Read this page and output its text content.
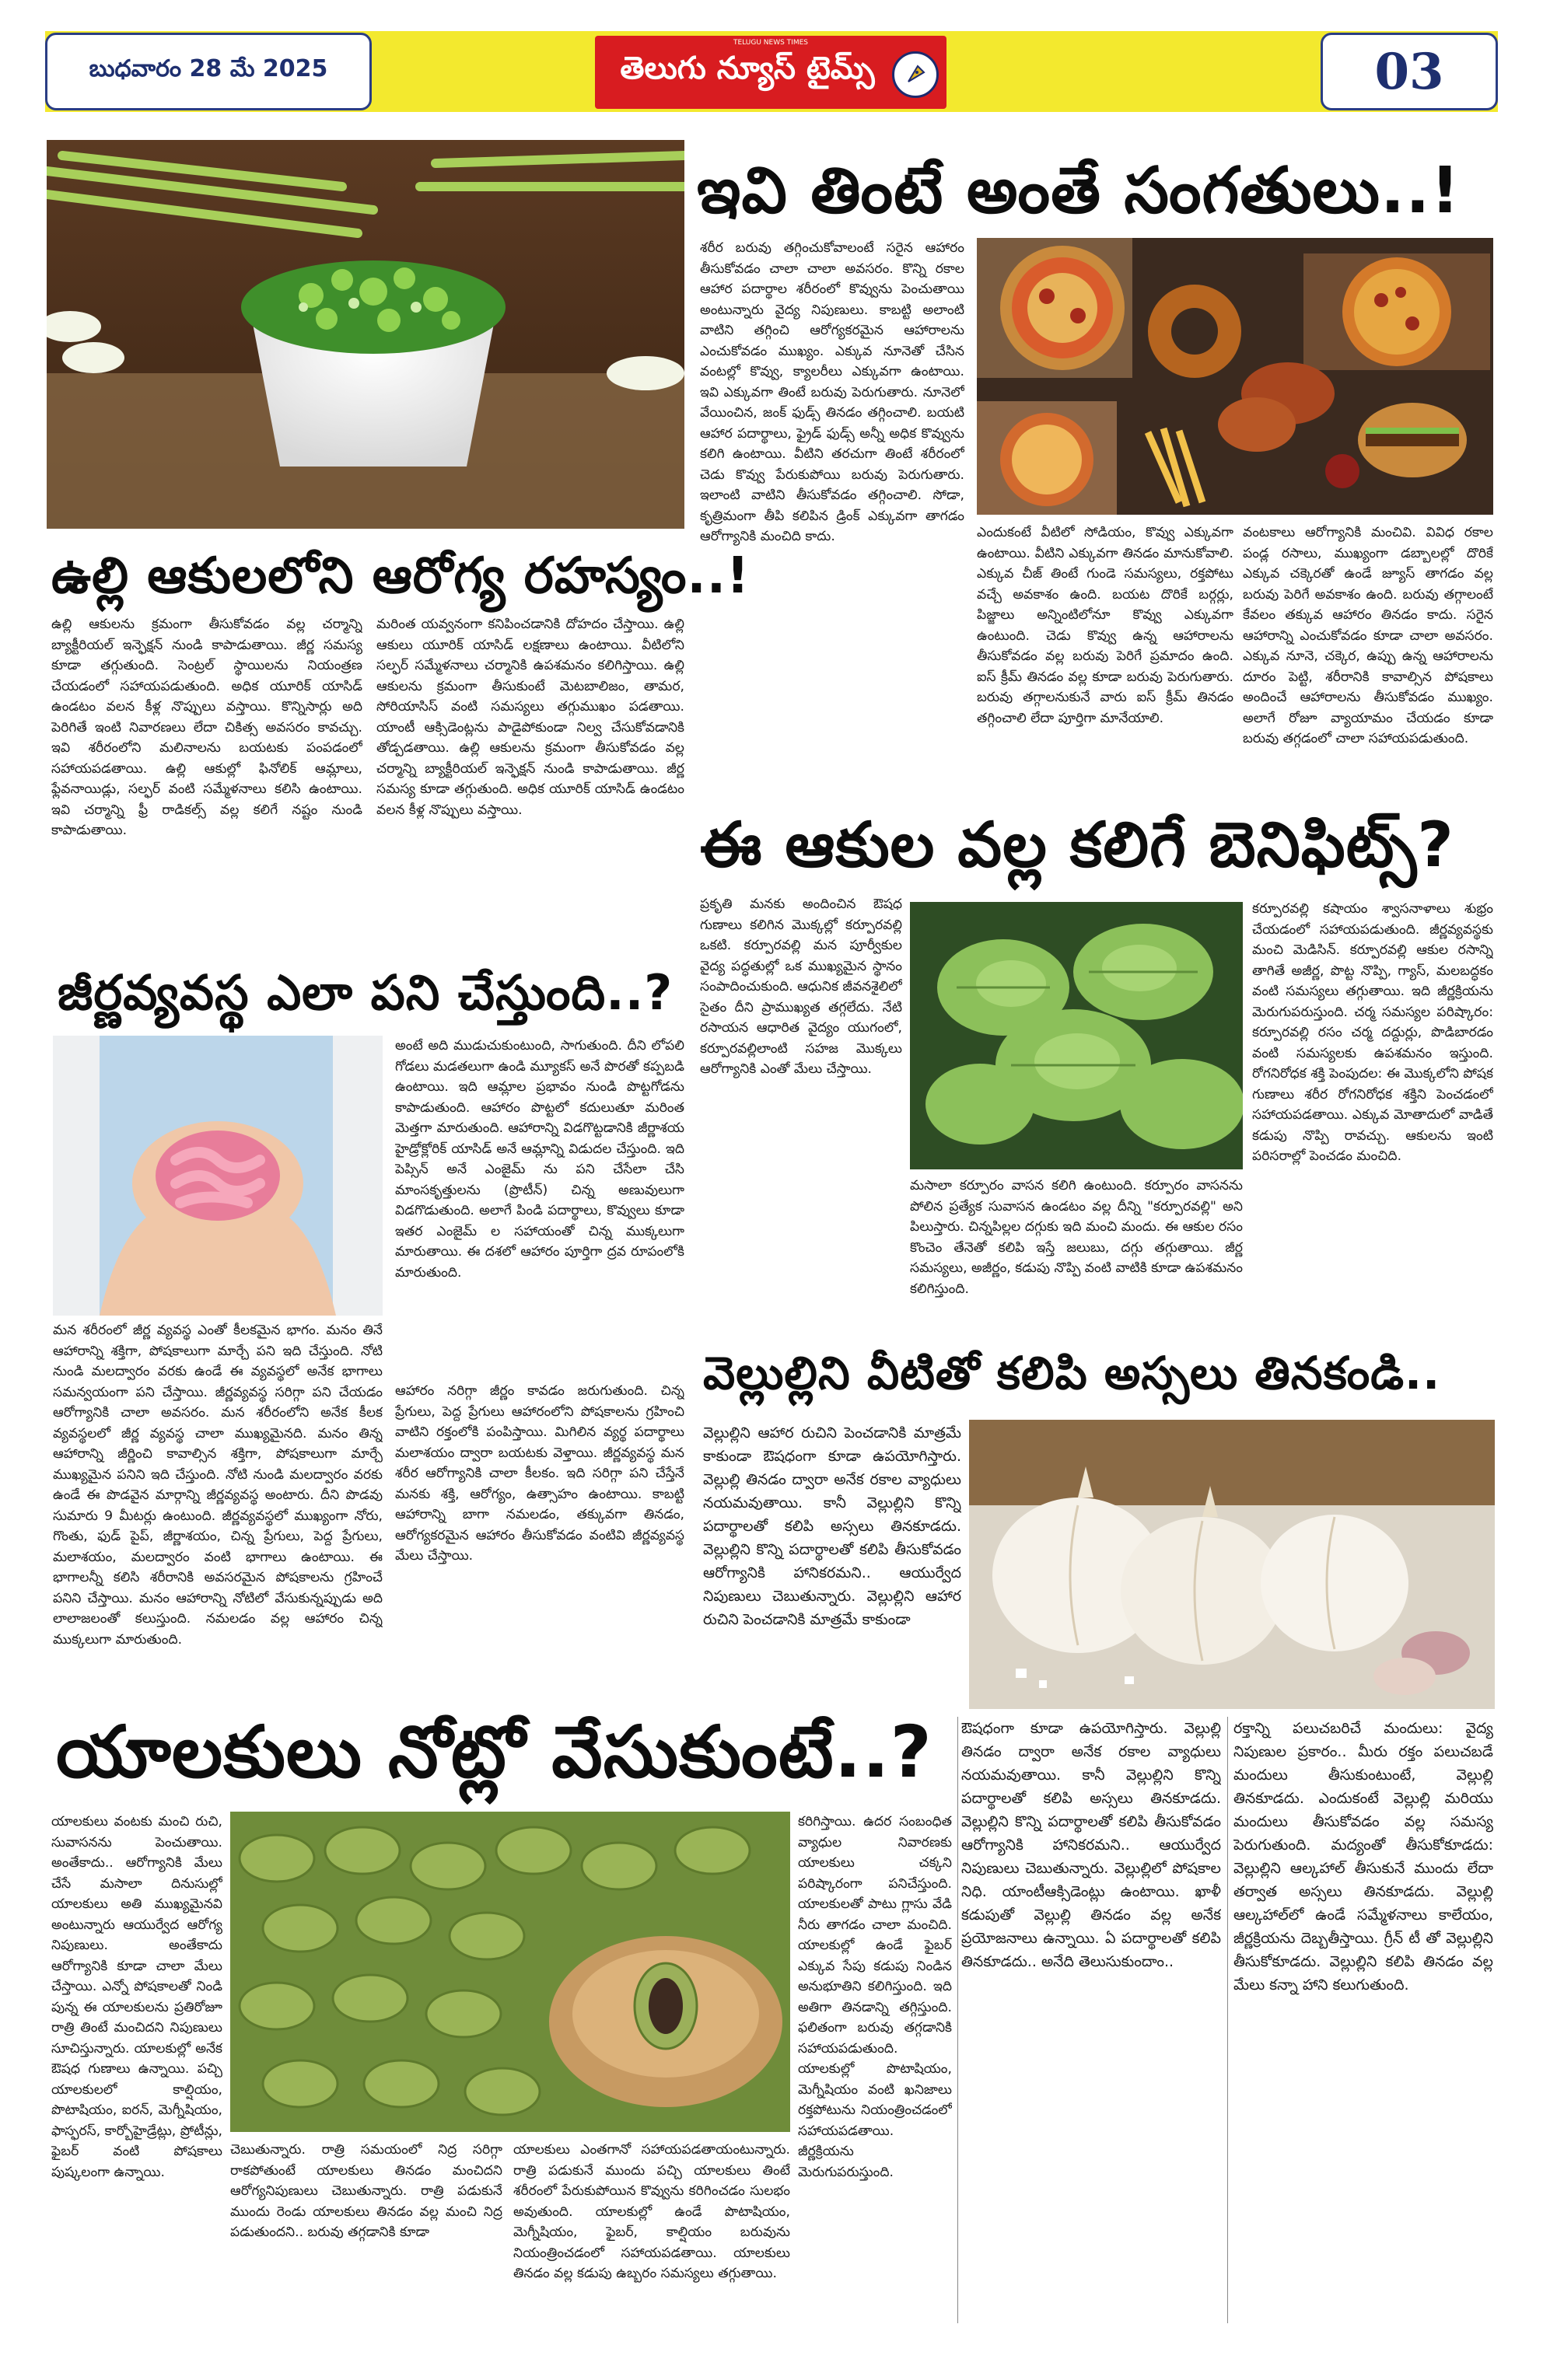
బుధవారం 28 మే 2025
TELUGU NEWS TIMES
తెలుగు న్యూస్ టైమ్స్	03
ఇవి తింటే అంతే సంగతులు..!
శరీర బరువు తగ్గించుకోవాలంటే సరైన ఆహారం తీసుకోవడం చాలా చాలా అవసరం. కొన్ని రకాల ఆహార పదార్థాల శరీరంలో కొవ్వును పెంచుతాయి అంటున్నారు వైద్య నిపుణులు. కాబట్టి అలాంటి వాటిని తగ్గించి ఆరోగ్యకరమైన ఆహారాలను ఎంచుకోవడం ముఖ్యం. ఎక్కువ నూనెతో చేసిన వంటల్లో కొవ్వు, క్యాలరీలు ఎక్కువగా ఉంటాయి. ఇవి ఎక్కువగా తింటే బరువు పెరుగుతారు. నూనెలో వేయించిన, జంక్ ఫుడ్స్ తినడం తగ్గించాలి. బయటి ఆహార పదార్థాలు, ఫ్రైడ్ ఫుడ్స్ అన్నీ అధిక కొవ్వును కలిగి ఉంటాయి. వీటిని తరచుగా తింటే శరీరంలో చెడు కొవ్వు పేరుకుపోయి బరువు పెరుగుతారు. ఇలాంటి వాటిని తీసుకోవడం తగ్గించాలి. సోడా, కృత్రిమంగా తీపి కలిపిన డ్రింక్ ఎక్కువగా తాగడం ఆరోగ్యానికి మంచిది కాదు.	ఎందుకంటే వీటిలో సోడియం, కొవ్వు ఎక్కువగా ఉంటాయి. వీటిని ఎక్కువగా తినడం మానుకోవాలి. ఎక్కువ చీజ్ తింటే గుండె సమస్యలు, రక్తపోటు వచ్చే అవకాశం ఉంది. బయట దొరికే బర్గర్లు, పిజ్జాలు అన్నింటిలోనూ కొవ్వు ఎక్కువగా ఉంటుంది. చెడు కొవ్వు ఉన్న ఆహారాలను తీసుకోవడం వల్ల బరువు పెరిగే ప్రమాదం ఉంది. ఐస్ క్రీమ్ తినడం వల్ల కూడా బరువు పెరుగుతారు. బరువు తగ్గాలనుకునే వారు ఐస్ క్రీమ్ తినడం తగ్గించాలి లేదా పూర్తిగా మానేయాలి.
వంటకాలు ఆరోగ్యానికి మంచివి. వివిధ రకాల పండ్ల రసాలు, ముఖ్యంగా డబ్బాలల్లో దొరికే ఎక్కువ చక్కెరతో ఉండే జ్యూస్ తాగడం వల్ల బరువు పెరిగే అవకాశం ఉంది. బరువు తగ్గాలంటే కేవలం తక్కువ ఆహారం తినడం కాదు. సరైన ఆహారాన్ని ఎంచుకోవడం కూడా చాలా అవసరం. ఎక్కువ నూనె, చక్కెర, ఉప్పు ఉన్న ఆహారాలను దూరం పెట్టి, శరీరానికి కావాల్సిన పోషకాలు అందించే ఆహారాలను తీసుకోవడం ముఖ్యం. అలాగే రోజూ వ్యాయామం చేయడం కూడా బరువు తగ్గడంలో చాలా సహాయపడుతుంది.
ఉల్లి ఆకులలోని ఆరోగ్య రహస్యం..!
ఉల్లి ఆకులను క్రమంగా తీసుకోవడం వల్ల చర్మాన్ని బ్యాక్టీరియల్ ఇన్ఫెక్షన్ నుండి కాపాడుతాయి. జీర్ణ సమస్య కూడా తగ్గుతుంది. సెంట్రల్ స్థాయిలను నియంత్రణ చేయడంలో సహాయపడుతుంది. అధిక యూరిక్ యాసిడ్ ఉండటం వలన కీళ్ల నొప్పులు వస్తాయి. కొన్నిసార్లు అది పెరిగితే ఇంటి నివారణలు లేదా చికిత్స అవసరం కావచ్చు. ఇవి శరీరంలోని మలినాలను బయటకు పంపడంలో సహాయపడతాయి. ఉల్లి ఆకుల్లో ఫినోలిక్ ఆమ్లాలు, ఫ్లేవనాయిడ్లు, సల్ఫర్ వంటి సమ్మేళనాలు కలిసి ఉంటాయి. ఇవి చర్మాన్ని ఫ్రీ రాడికల్స్ వల్ల కలిగే నష్టం నుండి కాపాడుతాయి.
మరింత యవ్వనంగా కనిపించడానికి దోహదం చేస్తాయి. ఉల్లి ఆకులు యూరిక్ యాసిడ్ లక్షణాలు ఉంటాయి. వీటిలోని సల్ఫర్ సమ్మేళనాలు చర్మానికి ఉపశమనం కలిగిస్తాయి. ఉల్లి ఆకులను క్రమంగా తీసుకుంటే మెటబాలిజం, తామర, సోరియాసిస్ వంటి సమస్యలు తగ్గుముఖం పడతాయి. యాంటీ ఆక్సిడెంట్లను పాడైపోకుండా నిల్వ చేసుకోవడానికి తోడ్పడతాయి. ఉల్లి ఆకులను క్రమంగా తీసుకోవడం వల్ల చర్మాన్ని బ్యాక్టీరియల్ ఇన్ఫెక్షన్ నుండి కాపాడుతాయి. జీర్ణ సమస్య కూడా తగ్గుతుంది. అధిక యూరిక్ యాసిడ్ ఉండటం వలన కీళ్ల నొప్పులు వస్తాయి.
జీర్ణవ్యవస్థ ఎలా పని చేస్తుంది..?
అంటే అది ముడుచుకుంటుంది, సాగుతుంది. దీని లోపలి గోడలు మడతలుగా ఉండి మ్యూకస్ అనే పొరతో కప్పబడి ఉంటాయి. ఇది ఆమ్లాల ప్రభావం నుండి పొట్టగోడను కాపాడుతుంది. ఆహారం పొట్టలో కదులుతూ మరింత మెత్తగా మారుతుంది. ఆహారాన్ని విడగొట్టడానికి జీర్ణాశయ హైడ్రోక్లోరిక్ యాసిడ్ అనే ఆమ్లాన్ని విడుదల చేస్తుంది. ఇది పెప్సిన్ అనే ఎంజైమ్ ను పని చేసేలా చేసి మాంసకృత్తులను (ప్రొటీన్) చిన్న అణువులుగా విడగొడుతుంది. అలాగే పిండి పదార్థాలు, కొవ్వులు కూడా ఇతర ఎంజైమ్ ల సహాయంతో చిన్న ముక్కలుగా మారుతాయి. ఈ దశలో ఆహారం పూర్తిగా ద్రవ రూపంలోకి మారుతుంది.
మన శరీరంలో జీర్ణ వ్యవస్థ ఎంతో కీలకమైన భాగం. మనం తినే ఆహారాన్ని శక్తిగా, పోషకాలుగా మార్చే పని ఇది చేస్తుంది. నోటి నుండి మలద్వారం వరకు ఉండే ఈ వ్యవస్థలో అనేక భాగాలు సమన్వయంగా పని చేస్తాయి. జీర్ణవ్యవస్థ సరిగ్గా పని చేయడం ఆరోగ్యానికి చాలా అవసరం. మన శరీరంలోని అనేక కీలక వ్యవస్థలలో జీర్ణ వ్యవస్థ చాలా ముఖ్యమైనది. మనం తిన్న ఆహారాన్ని జీర్ణించి కావాల్సిన శక్తిగా, పోషకాలుగా మార్చే ముఖ్యమైన పనిని ఇది చేస్తుంది. నోటి నుండి మలద్వారం వరకు ఉండే ఈ పొడవైన మార్గాన్ని జీర్ణవ్యవస్థ అంటారు. దీని పొడవు సుమారు 9 మీటర్లు ఉంటుంది. జీర్ణవ్యవస్థలో ముఖ్యంగా నోరు, గొంతు, ఫుడ్ పైప్, జీర్ణాశయం, చిన్న ప్రేగులు, పెద్ద ప్రేగులు, మలాశయం, మలద్వారం వంటి భాగాలు ఉంటాయి. ఈ భాగాలన్నీ కలిసి శరీరానికి అవసరమైన పోషకాలను గ్రహించే పనిని చేస్తాయి. మనం ఆహారాన్ని నోటిలో వేసుకున్నప్పుడు అది లాలాజలంతో కలుస్తుంది. నమలడం వల్ల ఆహారం చిన్న ముక్కలుగా మారుతుంది.
ఆహారం నరిగ్గా జీర్ణం కావడం జరుగుతుంది. చిన్న ప్రేగులు, పెద్ద ప్రేగులు ఆహారంలోని పోషకాలను గ్రహించి వాటిని రక్తంలోకి పంపిస్తాయి. మిగిలిన వ్యర్థ పదార్థాలు మలాశయం ద్వారా బయటకు వెళ్తాయి. జీర్ణవ్యవస్థ మన శరీర ఆరోగ్యానికి చాలా కీలకం. ఇది సరిగ్గా పని చేస్తేనే మనకు శక్తి, ఆరోగ్యం, ఉత్సాహం ఉంటాయి. కాబట్టి ఆహారాన్ని బాగా నమలడం, తక్కువగా తినడం, ఆరోగ్యకరమైన ఆహారం తీసుకోవడం వంటివి జీర్ణవ్యవస్థ మేలు చేస్తాయి.
ఈ ఆకుల వల్ల కలిగే బెనిఫిట్స్?
ప్రకృతి మనకు అందించిన ఔషధ గుణాలు కలిగిన మొక్కల్లో కర్పూరవల్లి ఒకటి. కర్పూరవల్లి మన పూర్వీకుల వైద్య పద్ధతుల్లో ఒక ముఖ్యమైన స్థానం సంపాదించుకుంది. ఆధునిక జీవనశైలిలో సైతం దీని ప్రాముఖ్యత తగ్గలేదు. నేటి రసాయన ఆధారిత వైద్యం యుగంలో, కర్పూరవల్లిలాంటి సహజ మొక్కలు ఆరోగ్యానికి ఎంతో మేలు చేస్తాయి.
కర్పూరవల్లి కషాయం శ్వాసనాళాలు శుభ్రం చేయడంలో సహాయపడుతుంది. జీర్ణవ్యవస్థకు మంచి మెడిసిన్. కర్పూరవల్లి ఆకుల రసాన్ని తాగితే అజీర్ణ, పొట్ట నొప్పి, గ్యాస్, మలబద్ధకం వంటి సమస్యలు తగ్గుతాయి. ఇది జీర్ణక్రియను మెరుగుపరుస్తుంది. చర్మ సమస్యల పరిష్కారం: కర్పూరవల్లి రసం చర్మ దద్దుర్లు, పొడిబారడం వంటి సమస్యలకు ఉపశమనం ఇస్తుంది. రోగనిరోధక శక్తి పెంపుదల: ఈ మొక్కలోని పోషక గుణాలు శరీర రోగనిరోధక శక్తిని పెంచడంలో సహాయపడతాయి. ఎక్కువ మోతాదులో వాడితే కడుపు నొప్పి రావచ్చు. ఆకులను ఇంటి పరిసరాల్లో పెంచడం మంచిది.
మసాలా కర్పూరం వాసన కలిగి ఉంటుంది. కర్పూరం వాసనను పోలిన ప్రత్యేక సువాసన ఉండటం వల్ల దీన్ని "కర్పూరవల్లి" అని పిలుస్తారు. చిన్నపిల్లల దగ్గుకు ఇది మంచి మందు. ఈ ఆకుల రసం కొంచెం తేనెతో కలిపి ఇస్తే జలుబు, దగ్గు తగ్గుతాయి. జీర్ణ సమస్యలు, అజీర్ణం, కడుపు నొప్పి వంటి వాటికి కూడా ఉపశమనం కలిగిస్తుంది.
వెల్లుల్లిని వీటితో కలిపి అస్సలు తినకండి..
వెల్లుల్లిని ఆహార రుచిని పెంచడానికి మాత్రమే కాకుండా ఔషధంగా కూడా ఉపయోగిస్తారు. వెల్లుల్లి తినడం ద్వారా అనేక రకాల వ్యాధులు నయమవుతాయి. కానీ వెల్లుల్లిని కొన్ని పదార్థాలతో కలిపి అస్సలు తినకూడదు. వెల్లుల్లిని కొన్ని పదార్థాలతో కలిపి తీసుకోవడం ఆరోగ్యానికి హానికరమని.. ఆయుర్వేద నిపుణులు చెబుతున్నారు. వెల్లుల్లిని ఆహార రుచిని పెంచడానికి మాత్రమే కాకుండా
ఔషధంగా కూడా ఉపయోగిస్తారు. వెల్లుల్లి తినడం ద్వారా అనేక రకాల వ్యాధులు నయమవుతాయి. కానీ వెల్లుల్లిని కొన్ని పదార్థాలతో కలిపి అస్సలు తినకూడదు. వెల్లుల్లిని కొన్ని పదార్థాలతో కలిపి తీసుకోవడం ఆరోగ్యానికి హానికరమని.. ఆయుర్వేద నిపుణులు చెబుతున్నారు. వెల్లుల్లిలో పోషకాల నిధి. యాంటీఆక్సిడెంట్లు ఉంటాయి. ఖాళీ కడుపుతో వెల్లుల్లి తినడం వల్ల అనేక ప్రయోజనాలు ఉన్నాయి. ఏ పదార్థాలతో కలిపి తినకూడదు.. అనేది తెలుసుకుందాం..
రక్తాన్ని పలుచబరిచే మందులు: వైద్య నిపుణుల ప్రకారం.. మీరు రక్తం పలుచబడే మందులు తీసుకుంటుంటే, వెల్లుల్లి తినకూడదు. ఎందుకంటే వెల్లుల్లి మరియు మందులు తీసుకోవడం వల్ల సమస్య పెరుగుతుంది. మద్యంతో తీసుకోకూడదు: వెల్లుల్లిని ఆల్కహాల్ తీసుకునే ముందు లేదా తర్వాత అస్సలు తినకూడదు. వెల్లుల్లి ఆల్కహాల్‌లో ఉండే సమ్మేళనాలు కాలేయం, జీర్ణక్రియను దెబ్బతీస్తాయి. గ్రీన్ టీ తో వెల్లుల్లిని తీసుకోకూడదు. వెల్లుల్లిని కలిపి తినడం వల్ల మేలు కన్నా హాని కలుగుతుంది.
యాలకులు నోట్లో వేసుకుంటే..?
యాలకులు వంటకు మంచి రుచి, సువాసనను పెంచుతాయి. అంతేకాదు.. ఆరోగ్యానికి మేలు చేసే మసాలా దినుసుల్లో యాలకులు అతి ముఖ్యమైనవి అంటున్నారు ఆయుర్వేద ఆరోగ్య నిపుణులు. అంతేకాదు ఆరోగ్యానికి కూడా చాలా మేలు చేస్తాయి. ఎన్నో పోషకాలతో నిండి పున్న ఈ యాలకులను ప్రతిరోజూ రాత్రి తింటే మంచిదని నిపుణులు సూచిస్తున్నారు. యాలకుల్లో అనేక ఔషధ గుణాలు ఉన్నాయి. పచ్చి యాలకులలో కాల్షియం, పొటాషియం, ఐరన్, మెగ్నీషియం, ఫాస్ఫరస్, కార్బోహైడ్రేట్లు, ప్రోటీన్లు, ఫైబర్ వంటి పోషకాలు పుష్కలంగా ఉన్నాయి.
కరిగిస్తాయి. ఉదర సంబంధిత వ్యాధుల నివారణకు యాలకులు చక్కని పరిష్కారంగా పనిచేస్తుంది. యాలకులతో పాటు గ్లాసు వేడి నీరు తాగడం చాలా మంచిది. యాలకుల్లో ఉండే ఫైబర్ ఎక్కువ సేపు కడుపు నిండిన అనుభూతిని కలిగిస్తుంది. ఇది అతిగా తినడాన్ని తగ్గిస్తుంది. ఫలితంగా బరువు తగ్గడానికి సహాయపడుతుంది. యాలకుల్లో పొటాషియం, మెగ్నీషియం వంటి ఖనిజాలు రక్తపోటును నియంత్రించడంలో సహాయపడతాయి. జీర్ణక్రియను మెరుగుపరుస్తుంది.
చెబుతున్నారు. రాత్రి సమయంలో నిద్ర సరిగ్గా రాకపోతుంటే యాలకులు తినడం మంచిదని ఆరోగ్యనిపుణులు చెబుతున్నారు. రాత్రి పడుకునే ముందు రెండు యాలకులు తినడం వల్ల మంచి నిద్ర పడుతుందని.. బరువు తగ్గడానికి కూడా
యాలకులు ఎంతగానో సహాయపడతాయంటున్నారు. రాత్రి పడుకునే ముందు పచ్చి యాలకులు తింటే శరీరంలో పేరుకుపోయిన కొవ్వును కరిగించడం సులభం అవుతుంది. యాలకుల్లో ఉండే పొటాషియం, మెగ్నీషియం, ఫైబర్, కాల్షియం బరువును నియంత్రించడంలో సహాయపడతాయి. యాలకులు తినడం వల్ల కడుపు ఉబ్బరం సమస్యలు తగ్గుతాయి.
